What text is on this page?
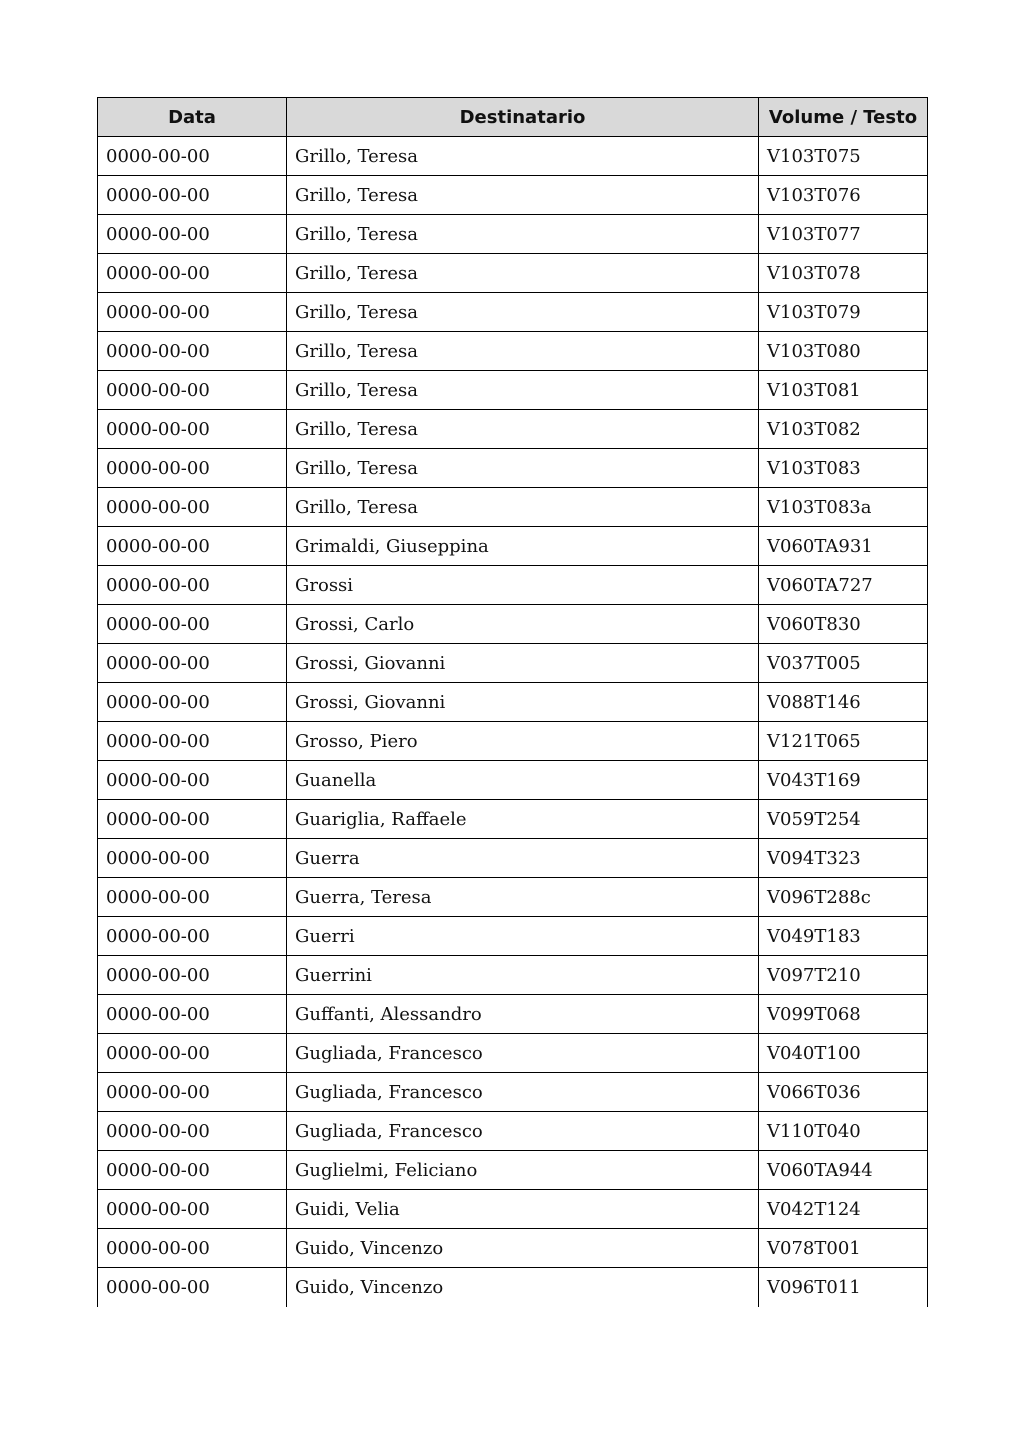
Data	Destinatario	Volume / Testo
0000-00-00	Grillo, Teresa	V103T075
0000-00-00	Grillo, Teresa	V103T076
0000-00-00	Grillo, Teresa	V103T077
0000-00-00	Grillo, Teresa	V103T078
0000-00-00	Grillo, Teresa	V103T079
0000-00-00	Grillo, Teresa	V103T080
0000-00-00	Grillo, Teresa	V103T081
0000-00-00	Grillo, Teresa	V103T082
0000-00-00	Grillo, Teresa	V103T083
0000-00-00	Grillo, Teresa	V103T083a
0000-00-00	Grimaldi, Giuseppina	V060TA931
0000-00-00	Grossi	V060TA727
0000-00-00	Grossi, Carlo	V060T830
0000-00-00	Grossi, Giovanni	V037T005
0000-00-00	Grossi, Giovanni	V088T146
0000-00-00	Grosso, Piero	V121T065
0000-00-00	Guanella	V043T169
0000-00-00	Guariglia, Raffaele	V059T254
0000-00-00	Guerra	V094T323
0000-00-00	Guerra, Teresa	V096T288c
0000-00-00	Guerri	V049T183
0000-00-00	Guerrini	V097T210
0000-00-00	Guffanti, Alessandro	V099T068
0000-00-00	Gugliada, Francesco	V040T100
0000-00-00	Gugliada, Francesco	V066T036
0000-00-00	Gugliada, Francesco	V110T040
0000-00-00	Guglielmi, Feliciano	V060TA944
0000-00-00	Guidi, Velia	V042T124
0000-00-00	Guido, Vincenzo	V078T001
0000-00-00	Guido, Vincenzo	V096T011
